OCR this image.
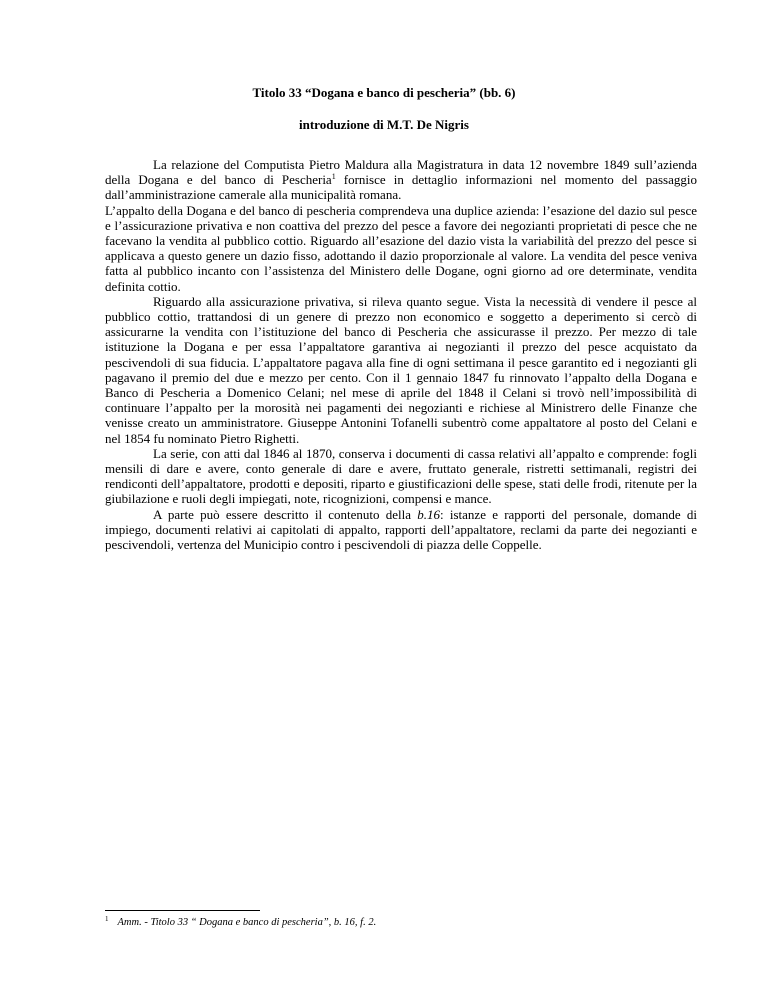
Titolo 33 “Dogana e banco di pescheria” (bb. 6)
introduzione di M.T. De Nigris

La relazione del Computista Pietro Maldura alla Magistratura in data 12 novembre 1849 sull’azienda della Dogana e del banco di Pescheria$^1$ fornisce in dettaglio informazioni nel momento del passaggio dall’amministrazione camerale alla municipalità romana.

L’appalto della Dogana e del banco di pescheria comprendeva una duplice azienda: l’esazione del dazio sul pesce e l’assicurazione privativa e non coattiva del prezzo del pesce a favore dei negozianti proprietati di pesce che ne facevano la vendita al pubblico cottio. Riguardo all’esazione del dazio vista la variabilità del prezzo del pesce si applicava a questo genere un dazio fisso, adottando il dazio proporzionale al valore. La vendita del pesce veniva fatta al pubblico incanto con l’assistenza del Ministero delle Dogane, ogni giorno ad ore determinate, vendita definita cottio.

Riguardo alla assicurazione privativa, si rileva quanto segue. Vista la necessità di vendere il pesce al pubblico cottio, trattandosi di un genere di prezzo non economico e soggetto a deperimento si cercò di assicurarne la vendita con l’istituzione del banco di Pescheria che assicurasse il prezzo. Per mezzo di tale istituzione la Dogana e per essa l’appaltatore garantiva ai negozianti il prezzo del pesce acquistato da pescivendoli di sua fiducia. L’appaltatore pagava alla fine di ogni settimana il pesce garantito ed i negozianti gli pagavano il premio del due e mezzo per cento. Con il 1 gennaio 1847 fu rinnovato l’appalto della Dogana e Banco di Pescheria a Domenico Celani; nel mese di aprile del 1848 il Celani si trovò nell’impossibilità di continuare l’appalto per la morosità nei pagamenti dei negozianti e richiese al Ministrero delle Finanze che venisse creato un amministratore. Giuseppe Antonini Tofanelli subentrò come appaltatore al posto del Celani e nel 1854 fu nominato Pietro Righetti.

La serie, con atti dal 1846 al 1870, conserva i documenti di cassa relativi all’appalto e comprende: fogli mensili di dare e avere, conto generale di dare e avere, fruttato generale, ristretti settimanali, registri dei rendiconti dell’appaltatore, prodotti e depositi, riparto e giustificazioni delle spese, stati delle frodi, ritenute per la giubilazione e ruoli degli impiegati, note, ricognizioni, compensi e mance.

A parte può essere descritto il contenuto della b.16: istanze e rapporti del personale, domande di impiego, documenti relativi ai capitolati di appalto, rapporti dell’appaltatore, reclami da parte dei negozianti e pescivendoli, vertenza del Municipio contro i pescivendoli di piazza delle Coppelle.

$^1$ Amm. - Titolo 33 “ Dogana e banco di pescheria”, b. 16, f. 2.
